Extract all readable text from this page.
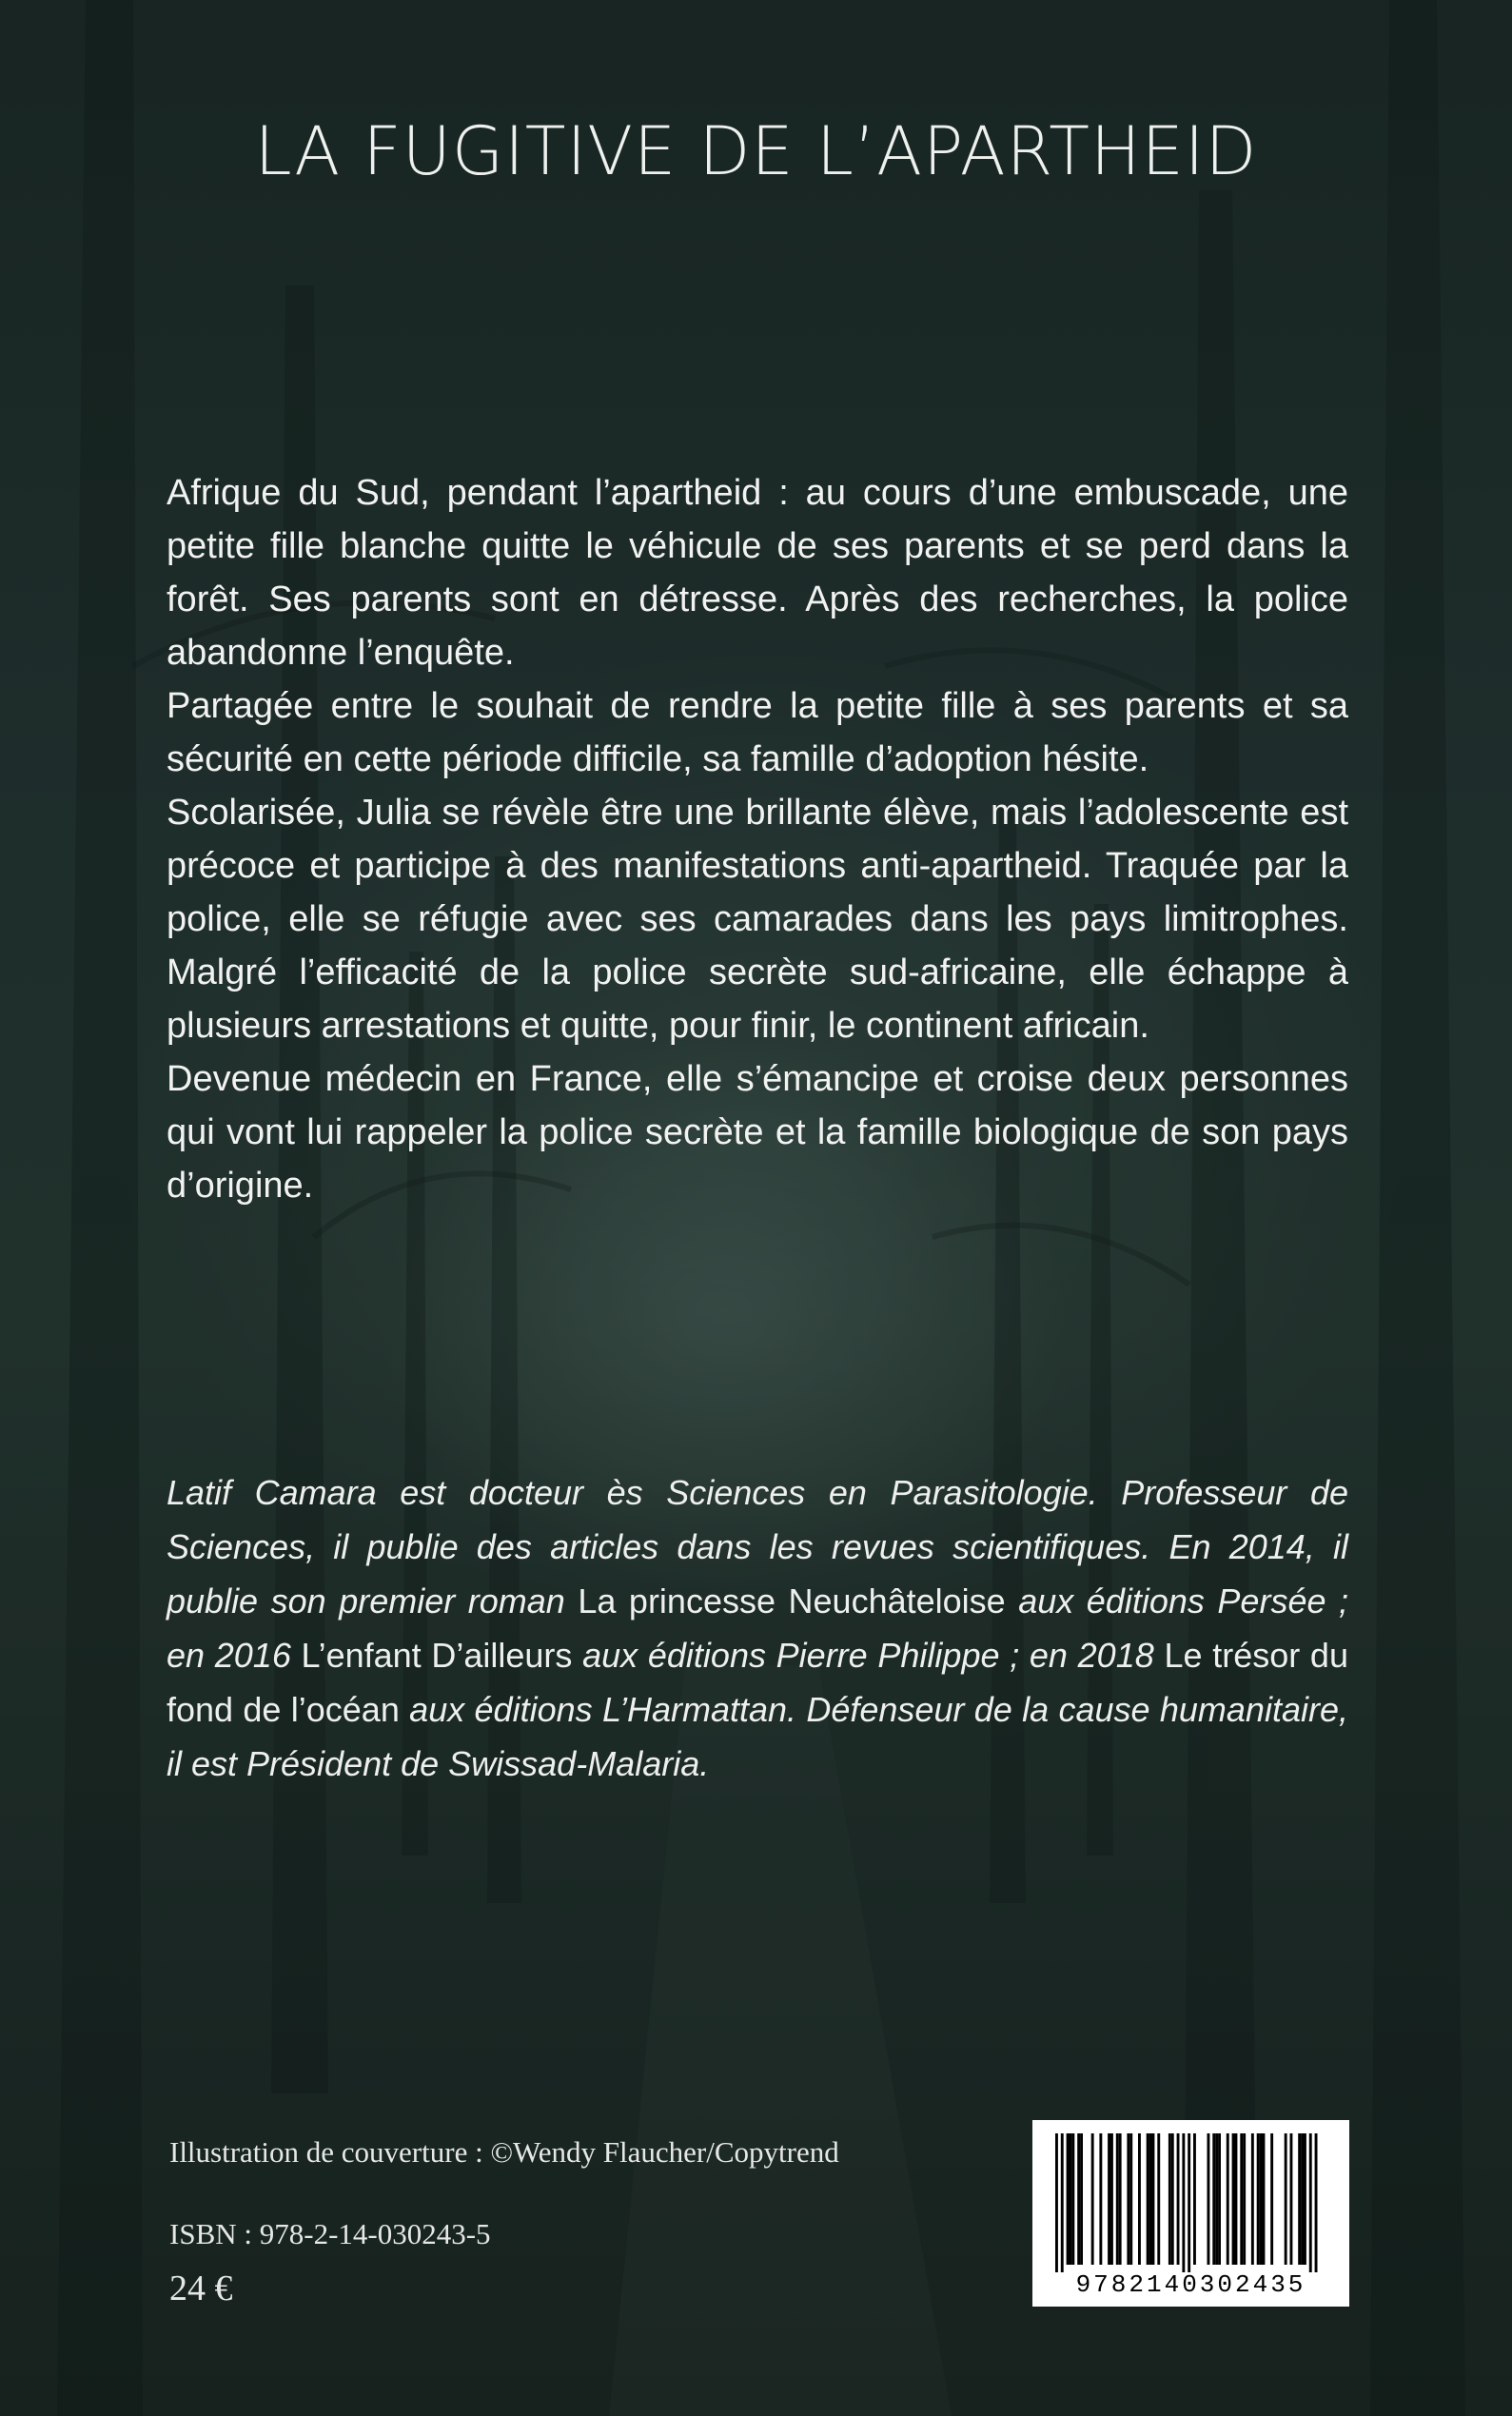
LA FUGITIVE DE L’APARTHEID

Afrique du Sud, pendant l’apartheid : au cours d’une embuscade, une petite fille blanche quitte le véhicule de ses parents et se perd dans la forêt. Ses parents sont en détresse. Après des recherches, la police abandonne l’enquête.

Partagée entre le souhait de rendre la petite fille à ses parents et sa sécurité en cette période difficile, sa famille d’adoption hésite.

Scolarisée, Julia se révèle être une brillante élève, mais l’adolescente est précoce et participe à des manifestations anti-apartheid. Traquée par la police, elle se réfugie avec ses camarades dans les pays limitrophes. Malgré l’efficacité de la police secrète sud-africaine, elle échappe à plusieurs arrestations et quitte, pour finir, le continent africain.

Devenue médecin en France, elle s’émancipe et croise deux personnes qui vont lui rappeler la police secrète et la famille biologique de son pays d’origine.

Latif Camara est docteur ès Sciences en Parasitologie. Professeur de Sciences, il publie des articles dans les revues scientifiques. En 2014, il publie son premier roman La princesse Neuchâteloise aux éditions Persée ; en 2016 L’enfant D’ailleurs aux éditions Pierre Philippe ; en 2018 Le trésor du fond de l’océan aux éditions L’Harmattan. Défenseur de la cause humanitaire, il est Président de Swissad-Malaria.

Illustration de couverture : ©Wendy Flaucher/Copytrend
ISBN : 978-2-14-030243-5
24 €	9782140302435
